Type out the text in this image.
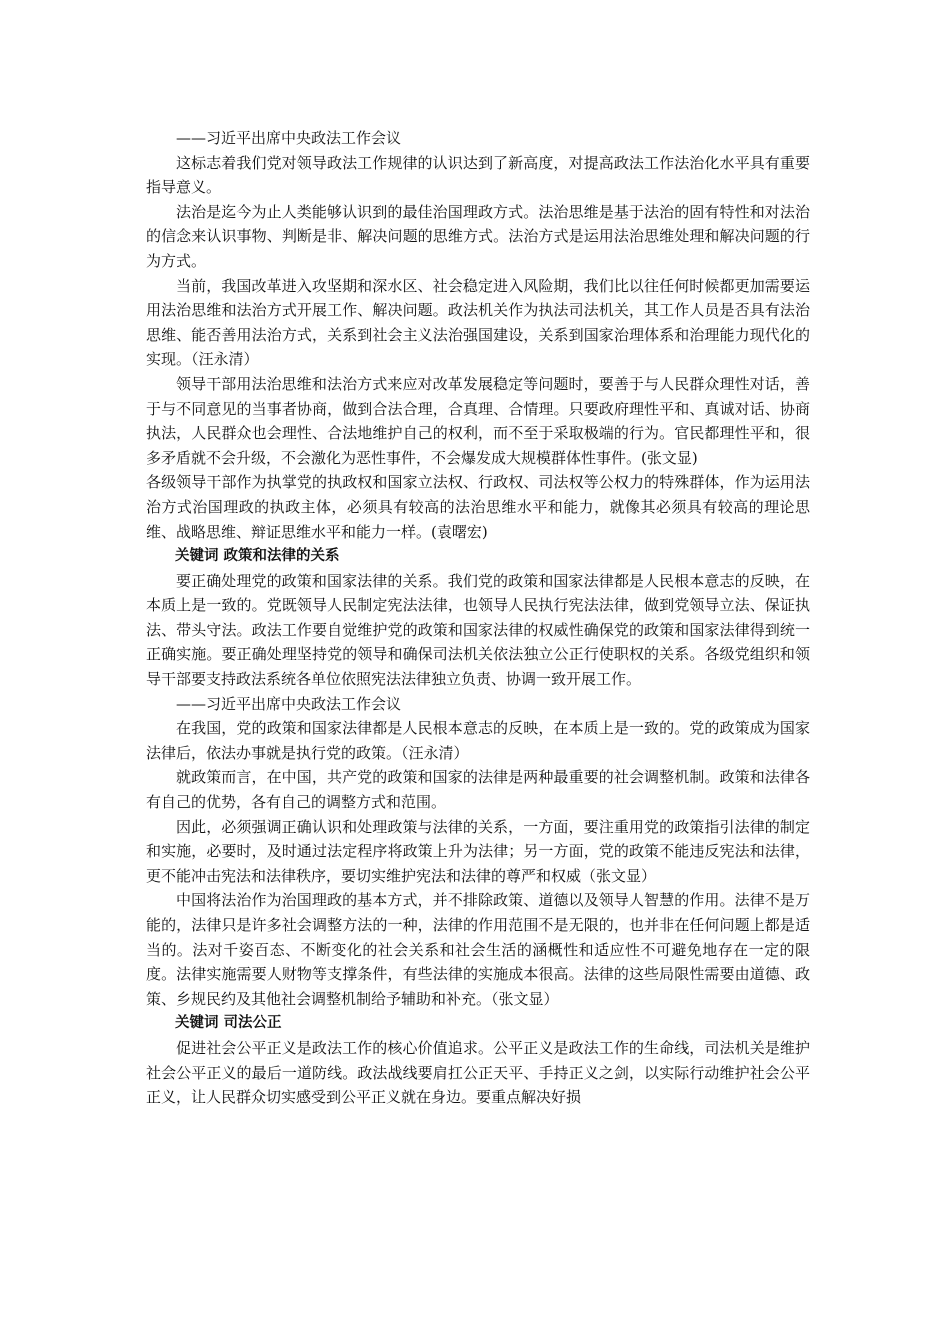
——习近平出席中央政法工作会议

这标志着我们党对领导政法工作规律的认识达到了新高度，对提高政法工作法治化水平具有重要指导意义。

法治是迄今为止人类能够认识到的最佳治国理政方式。法治思维是基于法治的固有特性和对法治的信念来认识事物、判断是非、解决问题的思维方式。法治方式是运用法治思维处理和解决问题的行为方式。

当前，我国改革进入攻坚期和深水区、社会稳定进入风险期，我们比以往任何时候都更加需要运用法治思维和法治方式开展工作、解决问题。政法机关作为执法司法机关，其工作人员是否具有法治思维、能否善用法治方式，关系到社会主义法治强国建设，关系到国家治理体系和治理能力现代化的实现。（汪永清）

领导干部用法治思维和法治方式来应对改革发展稳定等问题时，要善于与人民群众理性对话，善于与不同意见的当事者协商，做到合法合理，合真理、合情理。只要政府理性平和、真诚对话、协商执法，人民群众也会理性、合法地维护自己的权利，而不至于采取极端的行为。官民都理性平和，很多矛盾就不会升级，不会激化为恶性事件，不会爆发成大规模群体性事件。(张文显)

各级领导干部作为执掌党的执政权和国家立法权、行政权、司法权等公权力的特殊群体，作为运用法治方式治国理政的执政主体，必须具有较高的法治思维水平和能力，就像其必须具有较高的理论思维、战略思维、辩证思维水平和能力一样。(袁曙宏)

关键词 政策和法律的关系

要正确处理党的政策和国家法律的关系。我们党的政策和国家法律都是人民根本意志的反映，在本质上是一致的。党既领导人民制定宪法法律，也领导人民执行宪法法律，做到党领导立法、保证执法、带头守法。政法工作要自觉维护党的政策和国家法律的权威性确保党的政策和国家法律得到统一正确实施。要正确处理坚持党的领导和确保司法机关依法独立公正行使职权的关系。各级党组织和领导干部要支持政法系统各单位依照宪法法律独立负责、协调一致开展工作。

——习近平出席中央政法工作会议

在我国，党的政策和国家法律都是人民根本意志的反映，在本质上是一致的。党的政策成为国家法律后，依法办事就是执行党的政策。（汪永清）

就政策而言，在中国，共产党的政策和国家的法律是两种最重要的社会调整机制。政策和法律各有自己的优势，各有自己的调整方式和范围。

因此，必须强调正确认识和处理政策与法律的关系，一方面，要注重用党的政策指引法律的制定和实施，必要时，及时通过法定程序将政策上升为法律；另一方面，党的政策不能违反宪法和法律，更不能冲击宪法和法律秩序，要切实维护宪法和法律的尊严和权威（张文显）

中国将法治作为治国理政的基本方式，并不排除政策、道德以及领导人智慧的作用。法律不是万能的，法律只是许多社会调整方法的一种，法律的作用范围不是无限的，也并非在任何问题上都是适当的。法对千姿百态、不断变化的社会关系和社会生活的涵概性和适应性不可避免地存在一定的限度。法律实施需要人财物等支撑条件，有些法律的实施成本很高。法律的这些局限性需要由道德、政策、乡规民约及其他社会调整机制给予辅助和补充。（张文显）

关键词 司法公正

促进社会公平正义是政法工作的核心价值追求。公平正义是政法工作的生命线，司法机关是维护社会公平正义的最后一道防线。政法战线要肩扛公正天平、手持正义之剑，以实际行动维护社会公平正义，让人民群众切实感受到公平正义就在身边。要重点解决好损
